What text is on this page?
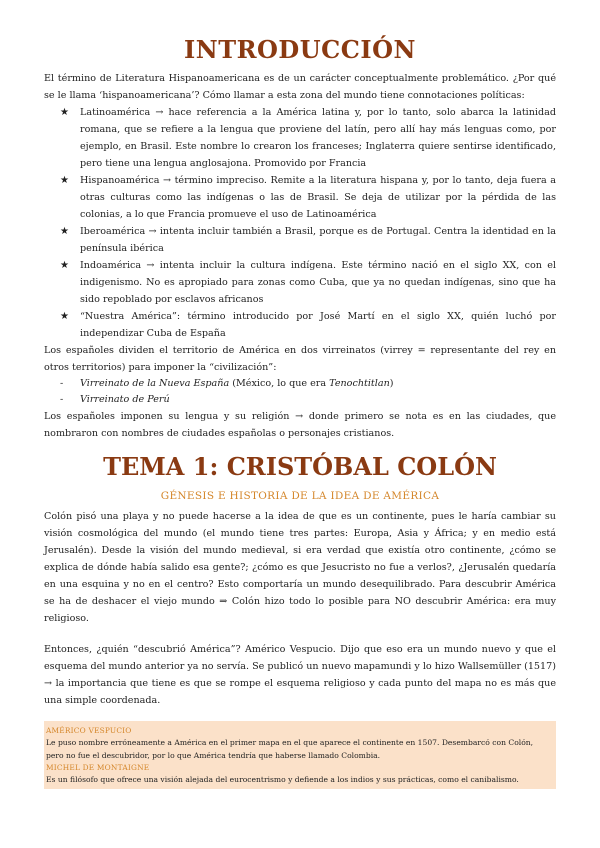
INTRODUCCIÓN

El término de Literatura Hispanoamericana es de un carácter conceptualmente problemático. ¿Por qué se le llama ‘hispanoamericana’? Cómo llamar a esta zona del mundo tiene connotaciones políticas:

★ Latinoamérica → hace referencia a la América latina y, por lo tanto, solo abarca la latinidad romana, que se refiere a la lengua que proviene del latín, pero allí hay más lenguas como, por ejemplo, en Brasil. Este nombre lo crearon los franceses; Inglaterra quiere sentirse identificado, pero tiene una lengua anglosajona. Promovido por Francia
★ Hispanoamérica → término impreciso. Remite a la literatura hispana y, por lo tanto, deja fuera a otras culturas como las indígenas o las de Brasil. Se deja de utilizar por la pérdida de las colonias, a lo que Francia promueve el uso de Latinoamérica
★ Iberoamérica → intenta incluir también a Brasil, porque es de Portugal. Centra la identidad en la península ibérica
★ Indoamérica → intenta incluir la cultura indígena. Este término nació en el siglo XX, con el indigenismo. No es apropiado para zonas como Cuba, que ya no quedan indígenas, sino que ha sido repoblado por esclavos africanos
★ “Nuestra América”: término introducido por José Martí en el siglo XX, quién luchó por independizar Cuba de España

Los españoles dividen el territorio de América en dos virreinatos (virrey = representante del rey en otros territorios) para imponer la “civilización”:

- Virreinato de la Nueva España (México, lo que era Tenochtitlan)
- Virreinato de Perú

Los españoles imponen su lengua y su religión → donde primero se nota es en las ciudades, que nombraron con nombres de ciudades españolas o personajes cristianos.

TEMA 1: CRISTÓBAL COLÓN
GÉNESIS E HISTORIA DE LA IDEA DE AMÉRICA

Colón pisó una playa y no puede hacerse a la idea de que es un continente, pues le haría cambiar su visión cosmológica del mundo (el mundo tiene tres partes: Europa, Asia y África; y en medio está Jerusalén). Desde la visión del mundo medieval, si era verdad que existía otro continente, ¿cómo se explica de dónde había salido esa gente?; ¿cómo es que Jesucristo no fue a verlos?, ¿Jerusalén quedaría en una esquina y no en el centro? Esto comportaría un mundo desequilibrado. Para descubrir América se ha de deshacer el viejo mundo ⇒ Colón hizo todo lo posible para NO descubrir América: era muy religioso.

Entonces, ¿quién “descubrió América”? Américo Vespucio. Dijo que eso era un mundo nuevo y que el esquema del mundo anterior ya no servía. Se publicó un nuevo mapamundi y lo hizo Wallsemüller (1517) → la importancia que tiene es que se rompe el esquema religioso y cada punto del mapa no es más que una simple coordenada.

AMÉRICO VESPUCIO
Le puso nombre erróneamente a América en el primer mapa en el que aparece el continente en 1507. Desembarcó con Colón, pero no fue el descubridor, por lo que América tendría que haberse llamado Colombia.
MICHEL DE MONTAIGNE
Es un filósofo que ofrece una visión alejada del eurocentrismo y defiende a los indios y sus prácticas, como el canibalismo.
